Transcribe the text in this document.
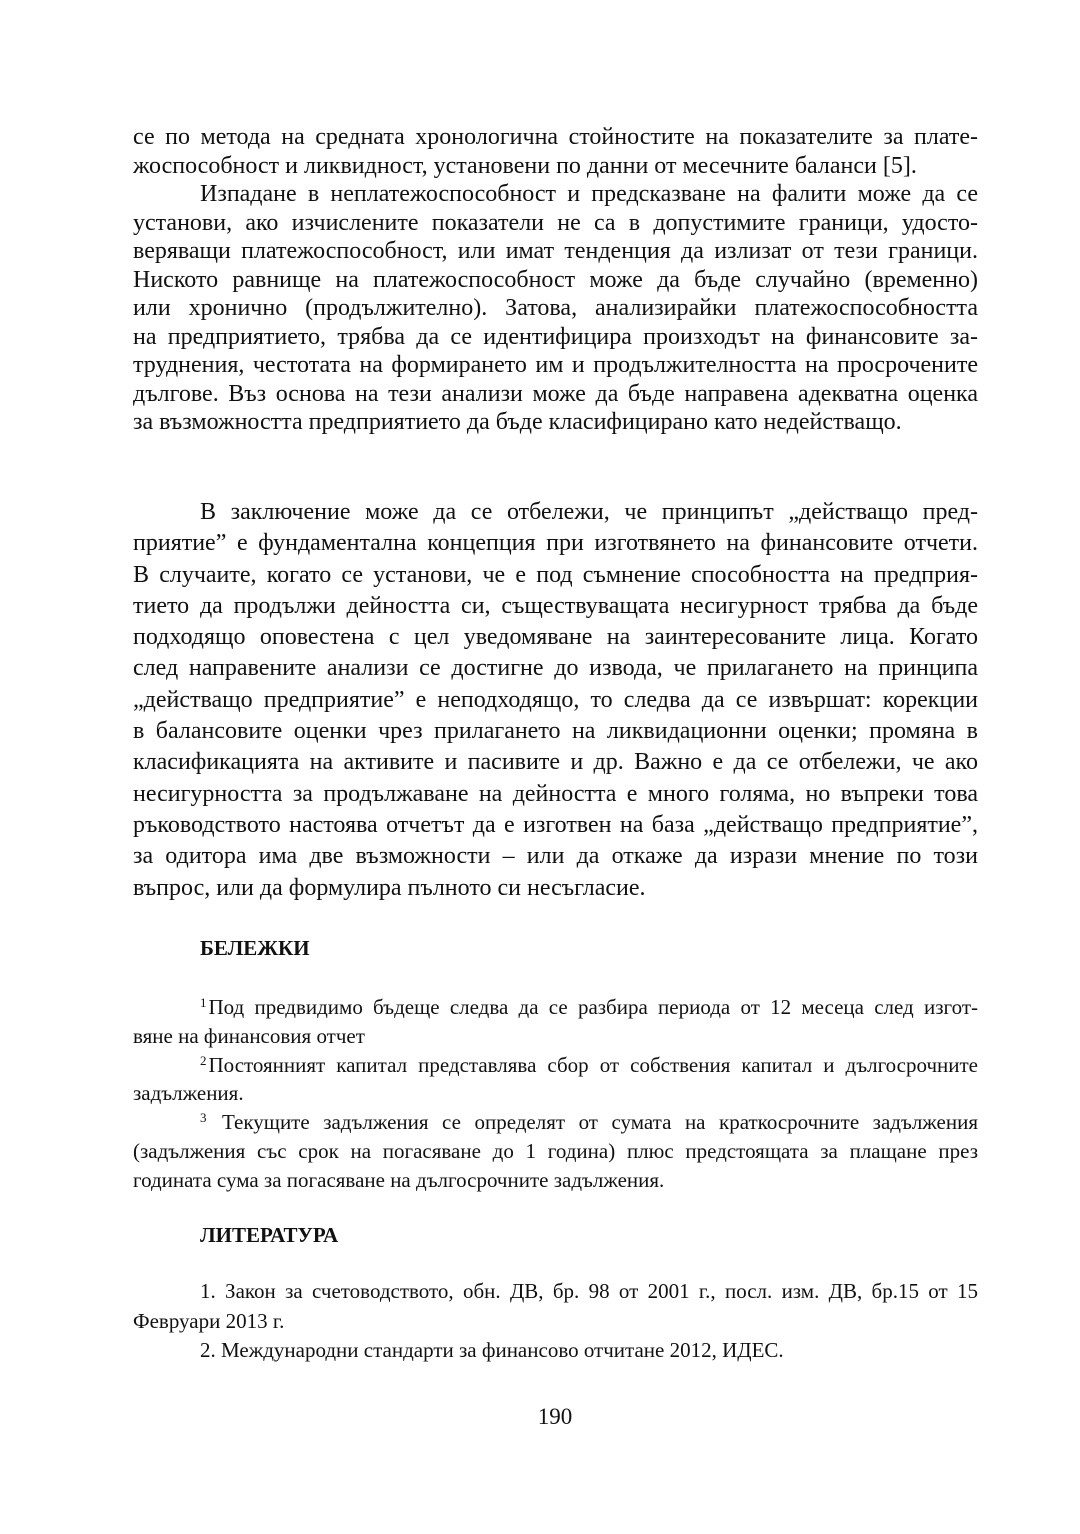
се по метода на средната хронологична стойностите на показателите за плате-
жоспособност и ликвидност, установени по данни от месечните баланси [5].
Изпадане в неплатежоспособност и предсказване на фалити може да се
установи, ако изчислените показатели не са в допустимите граници, удосто-
веряващи платежоспособност, или имат тенденция да излизат от тези граници.
Ниското равнище на платежоспособност може да бъде случайно (временно)
или хронично (продължително). Затова, анализирайки платежоспособността
на предприятието, трябва да се идентифицира произходът на финансовите за-
труднения, честотата на формирането им и продължителността на просрочените
дългове. Въз основа на тези анализи може да бъде направена адекватна оценка
за възможността предприятието да бъде класифицирано като недействащо.
В заключение може да се отбележи, че принципът „действащо пред-
приятие” е фундаментална концепция при изготвянето на финансовите отчети.
В случаите, когато се установи, че е под съмнение способността на предприя-
тието да продължи дейността си, съществуващата несигурност трябва да бъде
подходящо оповестена с цел уведомяване на заинтересованите лица. Когато
след направените анализи се достигне до извода, че прилагането на принципа
„действащо предприятие” е неподходящо, то следва да се извършат: корекции
в балансовите оценки чрез прилагането на ликвидационни оценки; промяна в
класификацията на активите и пасивите и др. Важно е да се отбележи, че ако
несигурността за продължаване на дейността е много голяма, но въпреки това
ръководството настоява отчетът да е изготвен на база „действащо предприятие”,
за одитора има две възможности – или да откаже да изрази мнение по този
въпрос, или да формулира пълното си несъгласие.
БЕЛЕЖКИ
$^1$Под предвидимо бъдеще следва да се разбира периода от 12 месеца след изгот-
вяне на финансовия отчет
$^2$Постоянният капитал представлява сбор от собствения капитал и дългосрочните
задължения.
$^3$ Текущите задължения се определят от сумата на краткосрочните задължения
(задължения със срок на погасяване до 1 година) плюс предстоящата за плащане през
годината сума за погасяване на дългосрочните задължения.
ЛИТЕРАТУРА
1. Закон за счетоводството, обн. ДВ, бр. 98 от 2001 г., посл. изм. ДВ, бр.15 от 15
Февруари 2013 г.
2. Международни стандарти за финансово отчитане 2012, ИДЕС.
190
